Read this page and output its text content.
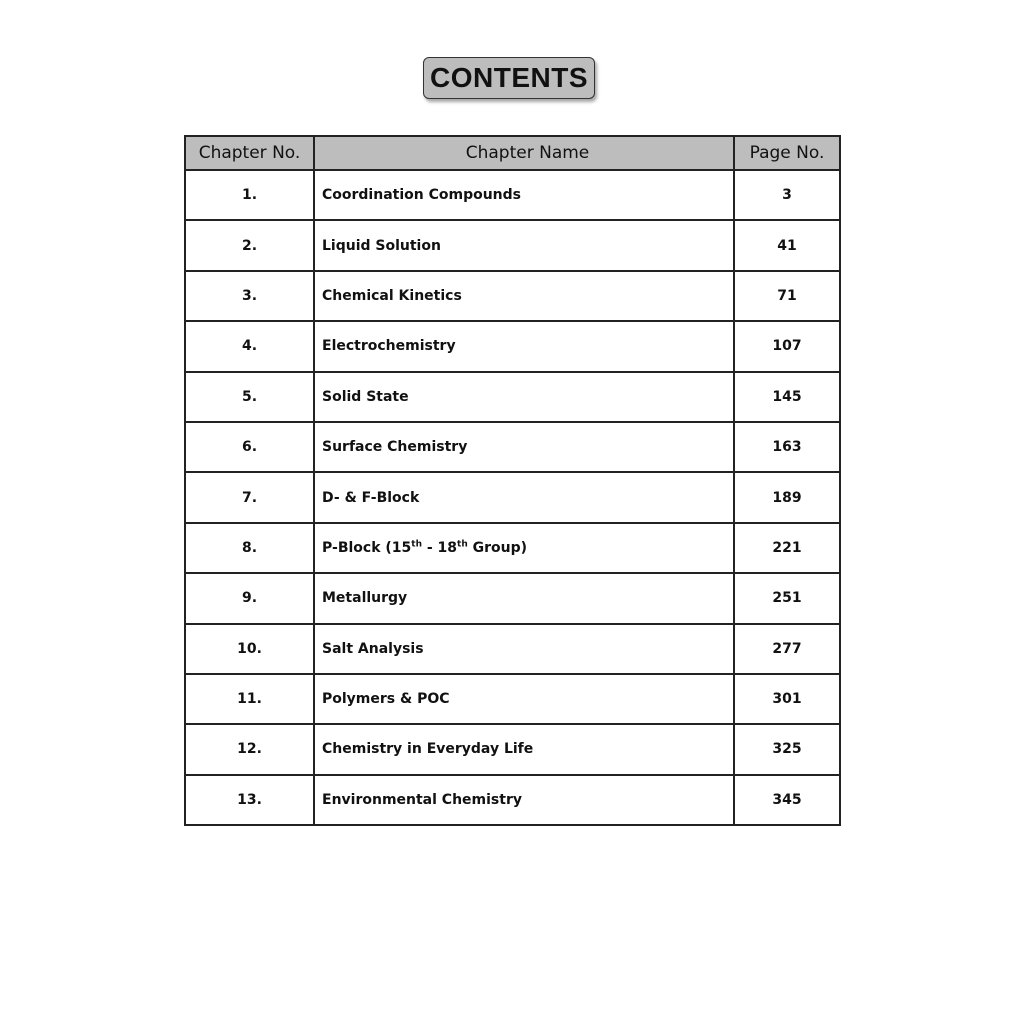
CONTENTS
Chapter No.	Chapter Name	Page No.
1.	Coordination Compounds	3
2.	Liquid Solution	41
3.	Chemical Kinetics	71
4.	Electrochemistry	107
5.	Solid State	145
6.	Surface Chemistry	163
7.	D- & F-Block	189
8.	P-Block (15th - 18th Group)	221
9.	Metallurgy	251
10.	Salt Analysis	277
11.	Polymers & POC	301
12.	Chemistry in Everyday Life	325
13.	Environmental Chemistry	345
